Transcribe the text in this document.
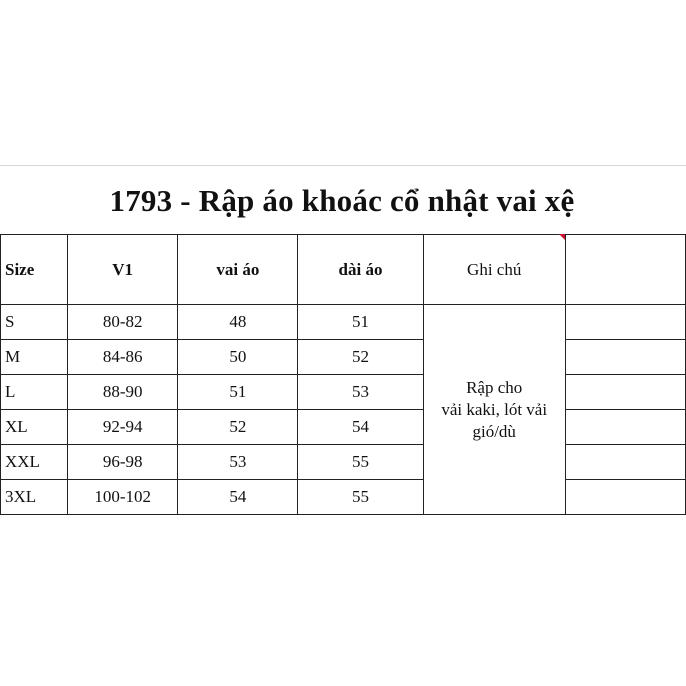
1793 - Rập áo khoác cổ nhật vai xệ
Size	V1	vai áo	dài áo	Ghi chú	
S	80-82	48	51	Rập cho
vải kaki, lót vải
gió/dù	

M	84-86	50	52		
L	88-90	51	53		
XL	92-94	52	54		
XXL	96-98	53	55		
3XL	100-102	54	55		
